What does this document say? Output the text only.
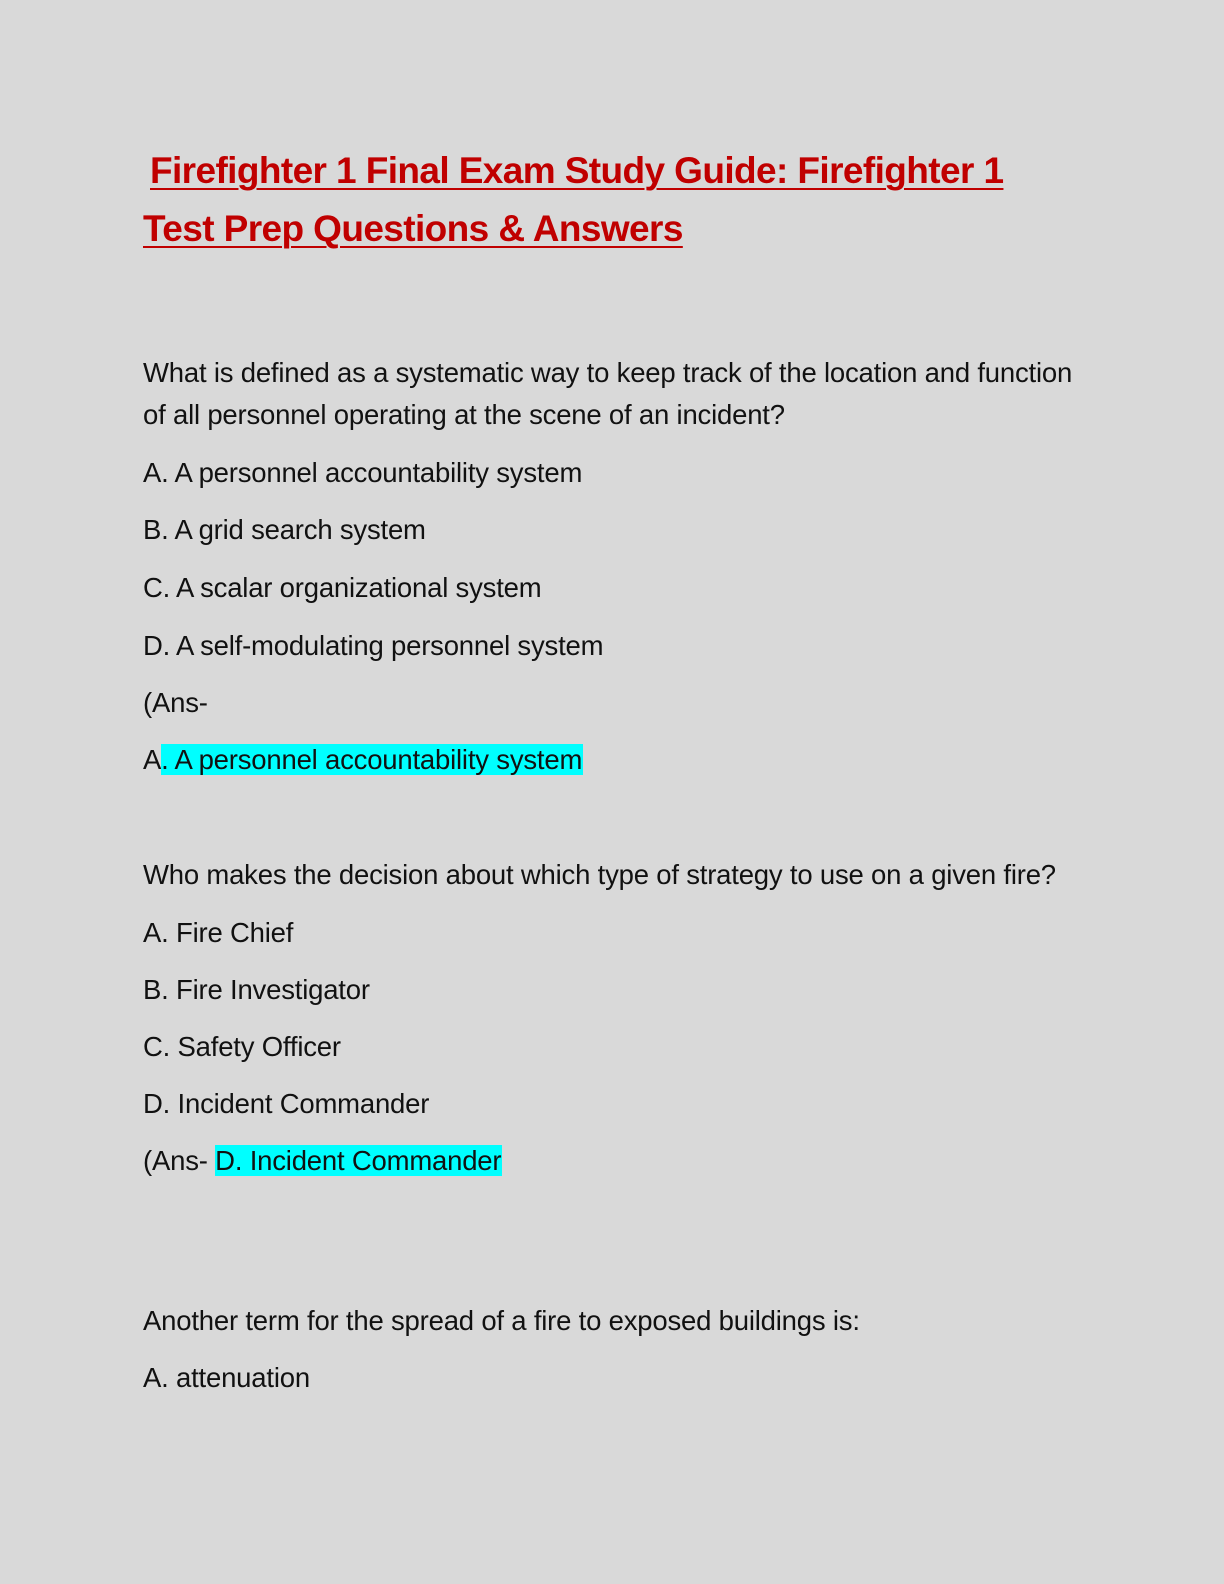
Firefighter 1 Final Exam Study Guide: Firefighter 1
Test Prep Questions & Answers

What is defined as a systematic way to keep track of the location and function of all personnel operating at the scene of an incident?

A. A personnel accountability system

B. A grid search system

C. A scalar organizational system

D. A self-modulating personnel system

(Ans-

A. A personnel accountability system

Who makes the decision about which type of strategy to use on a given fire?

A. Fire Chief

B. Fire Investigator

C. Safety Officer

D. Incident Commander

(Ans- D. Incident Commander

Another term for the spread of a fire to exposed buildings is:

A. attenuation
